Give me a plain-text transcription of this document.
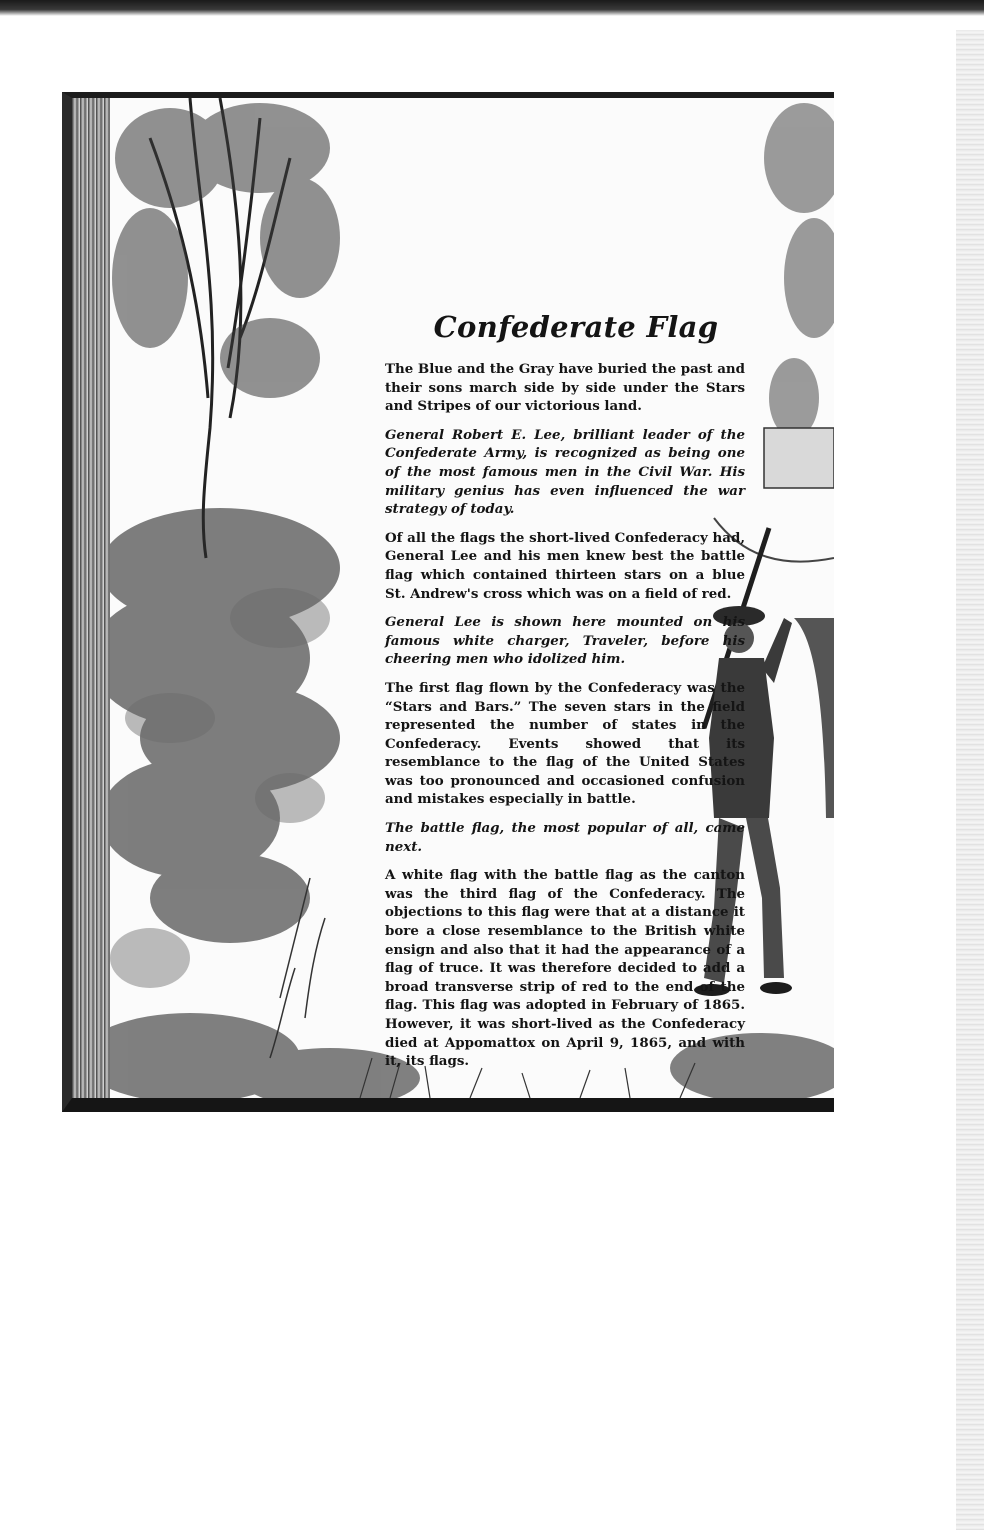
Confederate Flag

The Blue and the Gray have buried the past and their sons march side by side under the Stars and Stripes of our victorious land.

General Robert E. Lee, brilliant leader of the Confederate Army, is recognized as being one of the most famous men in the Civil War. His military genius has even influenced the war strategy of today.

Of all the flags the short-lived Confederacy had, General Lee and his men knew best the battle flag which contained thirteen stars on a blue St. Andrew's cross which was on a field of red.

General Lee is shown here mounted on his famous white charger, Traveler, before his cheering men who idolized him.

The first flag flown by the Confederacy was the “Stars and Bars.” The seven stars in the field represented the number of states in the Confederacy. Events showed that its resemblance to the flag of the United States was too pronounced and occasioned confusion and mistakes especially in battle.

The battle flag, the most popular of all, came next.

A white flag with the battle flag as the canton was the third flag of the Confederacy. The objections to this flag were that at a distance it bore a close resemblance to the British white ensign and also that it had the appearance of a flag of truce. It was therefore decided to add a broad transverse strip of red to the end of the flag. This flag was adopted in February of 1865. However, it was short-lived as the Confederacy died at Appomattox on April 9, 1865, and with it, its flags.
